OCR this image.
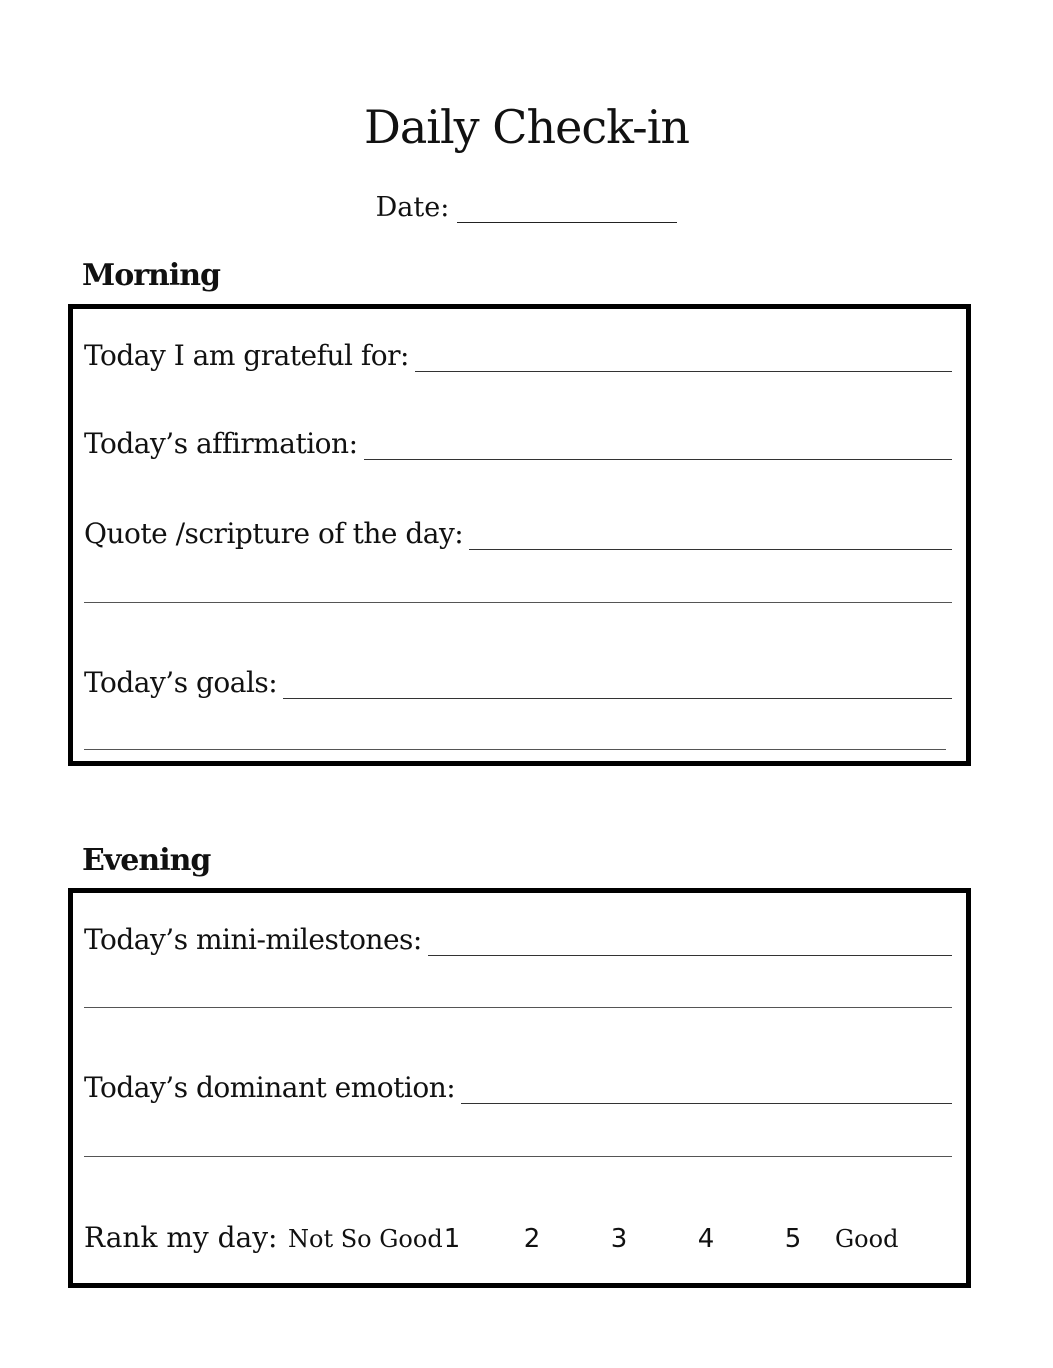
Daily Check-in
Date:
Morning
Today I am grateful for:
Today’s affirmation:
Quote /scripture of the day:
Today’s goals:
Evening
Today’s mini-milestones:
Today’s dominant emotion:
Rank my day: Not So Good 1	2	3	4	5	Good
